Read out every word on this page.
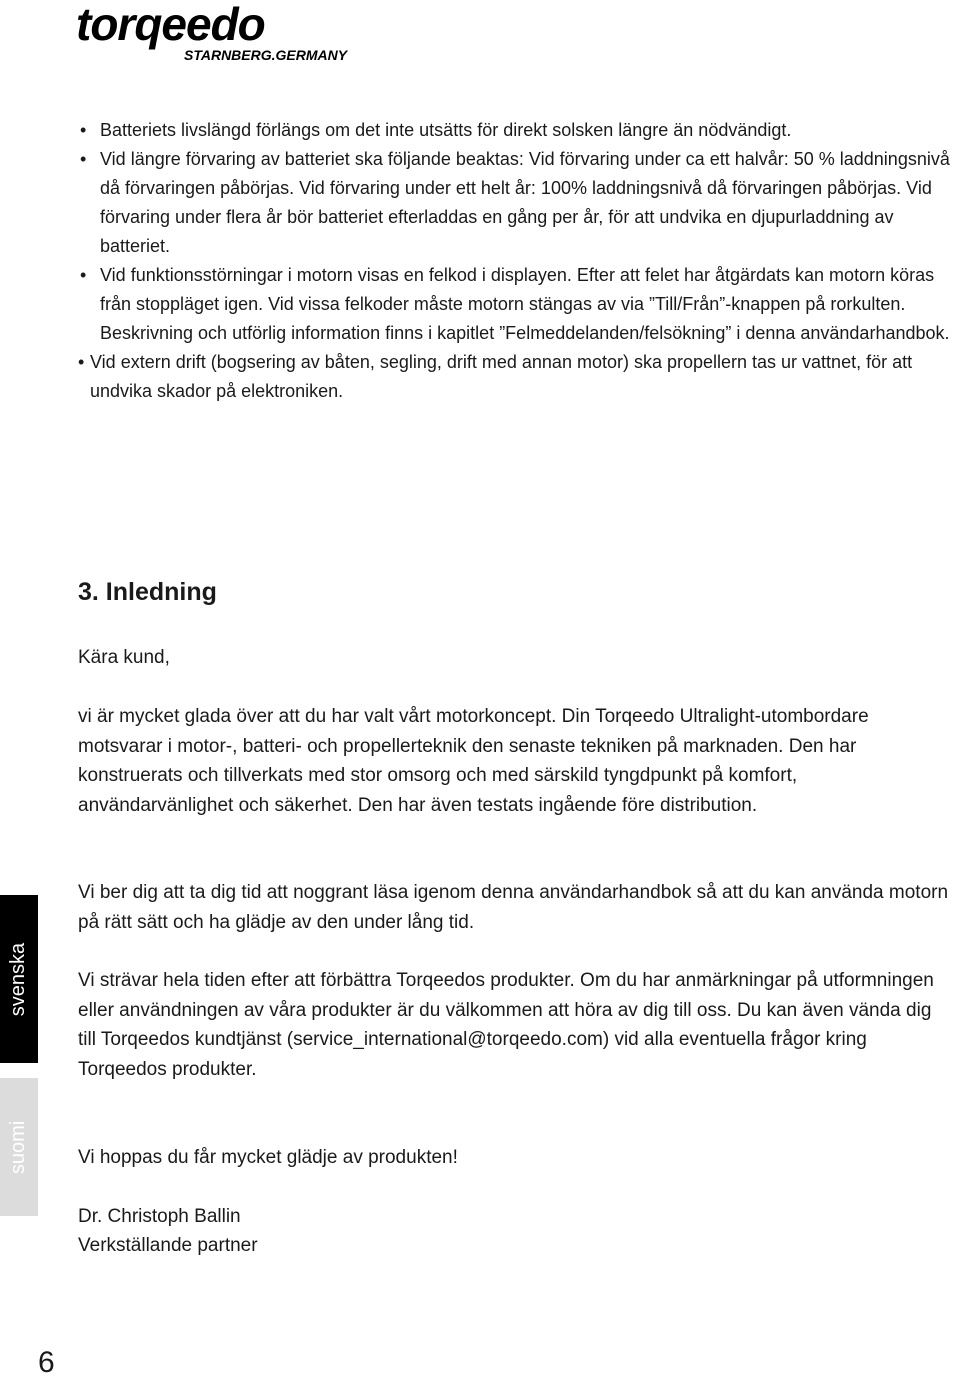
torqeedo
STARNBERG.GERMANY
• Batteriets livslängd förlängs om det inte utsätts för direkt solsken längre än nödvändigt.
• Vid längre förvaring av batteriet ska följande beaktas: Vid förvaring under ca ett halvår: 50 % laddningsnivå då förvaringen påbörjas. Vid förvaring under ett helt år: 100% laddningsnivå då förvaringen påbörjas. Vid förvaring under flera år bör batteriet efterladdas en gång per år, för att undvika en djupurladdning av batteriet.
• Vid funktionsstörningar i motorn visas en felkod i displayen. Efter att felet har åtgärdats kan motorn köras från stoppläget igen. Vid vissa felkoder måste motorn stängas av via ”Till/Från”-knappen på rorkulten. Beskrivning och utförlig information finns i kapitlet ”Felmeddelanden/felsökning” i denna användarhandbok.
• Vid extern drift (bogsering av båten, segling, drift med annan motor) ska propellern tas ur vattnet, för att undvika skador på elektroniken.
3. Inledning

Kära kund,

vi är mycket glada över att du har valt vårt motorkoncept. Din Torqeedo Ultralight-utombordare motsvarar i motor-, batteri- och propellerteknik den senaste tekniken på marknaden. Den har konstruerats och tillverkats med stor omsorg och med särskild tyngdpunkt på komfort, användarvänlighet och säkerhet. Den har även testats ingående före distribution.

Vi ber dig att ta dig tid att noggrant läsa igenom denna användarhandbok så att du kan använda motorn på rätt sätt och ha glädje av den under lång tid.

Vi strävar hela tiden efter att förbättra Torqeedos produkter. Om du har anmärkningar på utformningen eller användningen av våra produkter är du välkommen att höra av dig till oss. Du kan även vända dig till Torqeedos kundtjänst (service_international@torqeedo.com) vid alla eventuella frågor kring Torqeedos produkter.

Vi hoppas du får mycket glädje av produkten!

Dr. Christoph Ballin

Verkställande partner

svenska
suomi
6
